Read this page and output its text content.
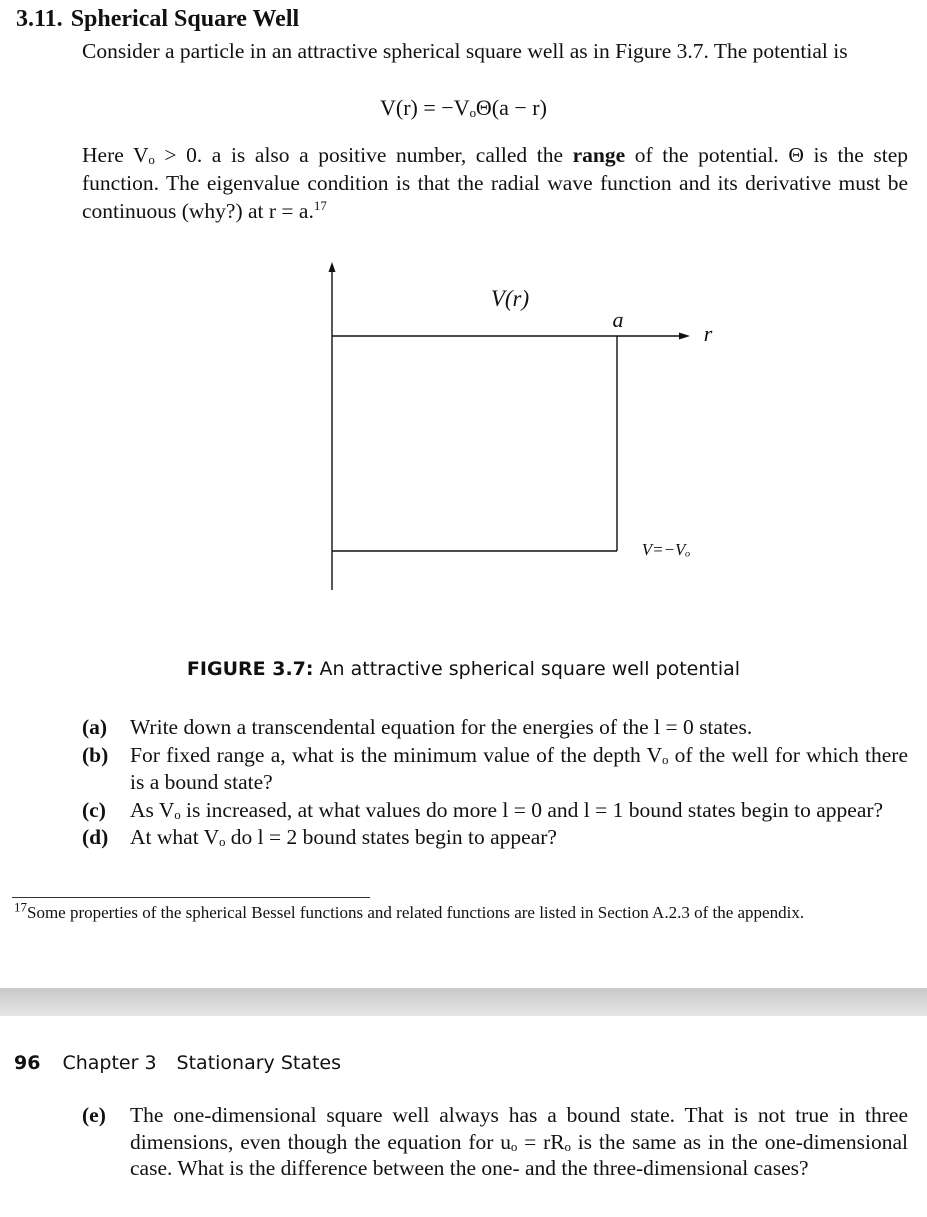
3.11. Spherical Square Well
Consider a particle in an attractive spherical square well as in Figure 3.7. The potential is
V(r) = −VₒΘ(a − r)
Here Vₒ > 0. a is also a positive number, called the range of the potential. Θ is the step function. The eigenvalue condition is that the radial wave function and its derivative must be continuous (why?) at r = a.$^{17}$
V(r)
a
r
V=−Vₒ
FIGURE 3.7: An attractive spherical square well potential
(a) Write down a transcendental equation for the energies of the l = 0 states.
(b) For fixed range a, what is the minimum value of the depth Vₒ of the well for which there is a bound state?
(c) As Vₒ is increased, at what values do more l = 0 and l = 1 bound states begin to appear?
(d) At what Vₒ do l = 2 bound states begin to appear?
$^{17}$Some properties of the spherical Bessel functions and related functions are listed in Section A.2.3 of the appendix.
96 Chapter 3 Stationary States
(e) The one-dimensional square well always has a bound state. That is not true in three dimensions, even though the equation for uₒ = rRₒ is the same as in the one-dimensional case. What is the difference between the one- and the three-dimensional cases?
